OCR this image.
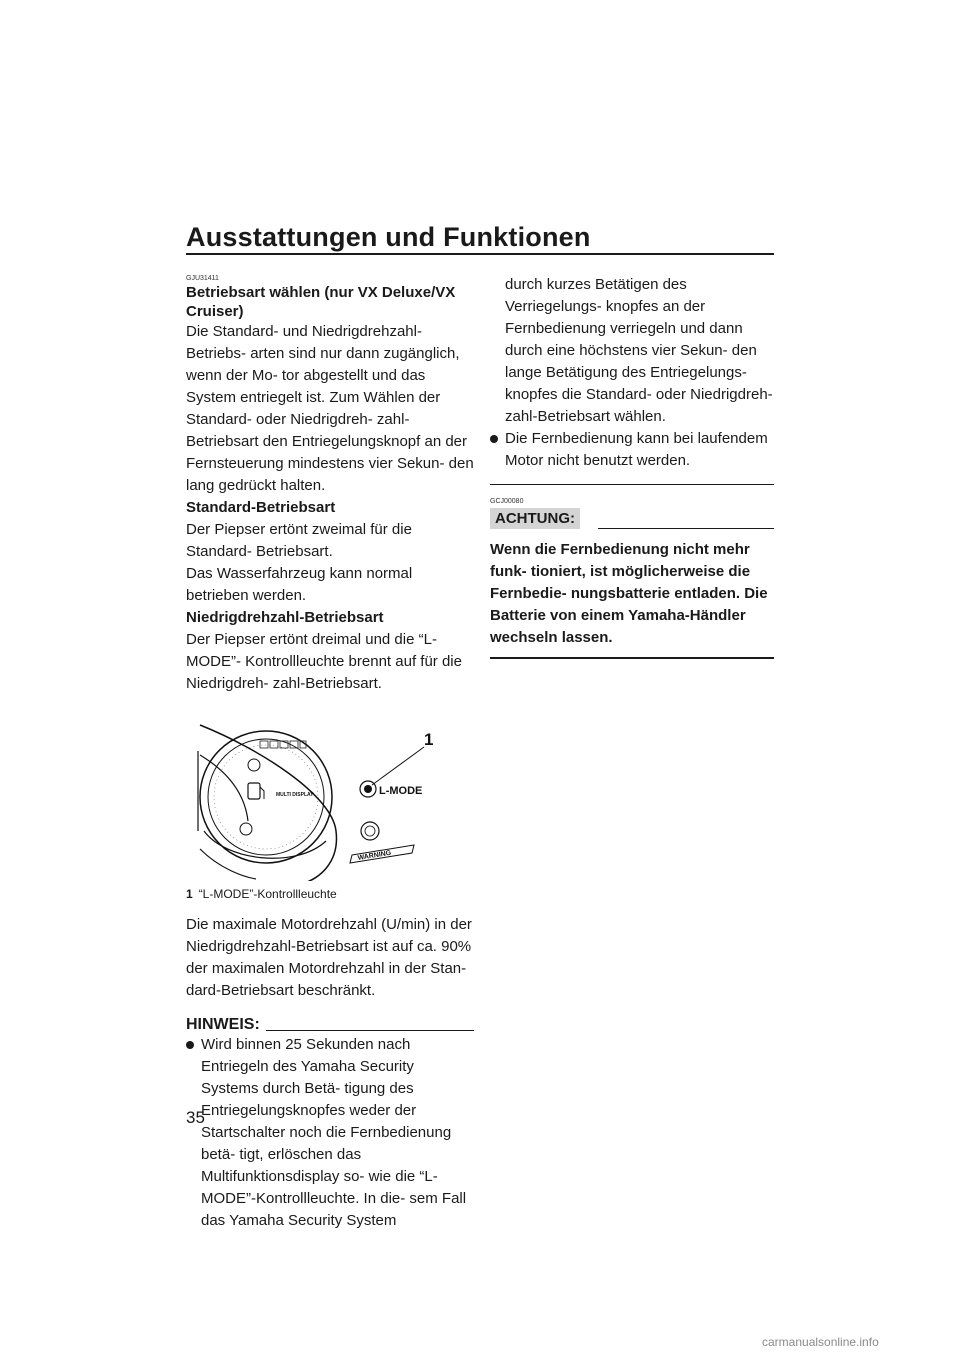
Ausstattungen und Funktionen

GJU31411

Betriebsart wählen (nur VX Deluxe/VX Cruiser)

Die Standard- und Niedrigdrehzahl-Betriebs- arten sind nur dann zugänglich, wenn der Mo- tor abgestellt und das System entriegelt ist. Zum Wählen der Standard- oder Niedrigdreh- zahl-Betriebsart den Entriegelungsknopf an der Fernsteuerung mindestens vier Sekun- den lang gedrückt halten.

Standard-Betriebsart

Der Piepser ertönt zweimal für die Standard- Betriebsart.

Das Wasserfahrzeug kann normal betrieben werden.

Niedrigdrehzahl-Betriebsart

Der Piepser ertönt dreimal und die “L-MODE”- Kontrollleuchte brennt auf für die Niedrigdreh- zahl-Betriebsart.

MULTI DISPLAY	L-MODE
WARNING
1

1 “L-MODE”-Kontrollleuchte

Die maximale Motordrehzahl (U/min) in der Niedrigdrehzahl-Betriebsart ist auf ca. 90% der maximalen Motordrehzahl in der Stan- dard-Betriebsart beschränkt.

HINWEIS:
Wird binnen 25 Sekunden nach Entriegeln des Yamaha Security Systems durch Betä- tigung des Entriegelungsknopfes weder der Startschalter noch die Fernbedienung betä- tigt, erlöschen das Multifunktionsdisplay so- wie die “L-MODE”-Kontrollleuchte. In die- sem Fall das Yamaha Security System

durch kurzes Betätigen des Verriegelungs- knopfes an der Fernbedienung verriegeln und dann durch eine höchstens vier Sekun- den lange Betätigung des Entriegelungs- knopfes die Standard- oder Niedrigdreh- zahl-Betriebsart wählen.

Die Fernbedienung kann bei laufendem Motor nicht benutzt werden.

GCJ00080

ACHTUNG:

Wenn die Fernbedienung nicht mehr funk- tioniert, ist möglicherweise die Fernbedie- nungsbatterie entladen. Die Batterie von einem Yamaha-Händler wechseln lassen.

35
carmanualsonline.info
